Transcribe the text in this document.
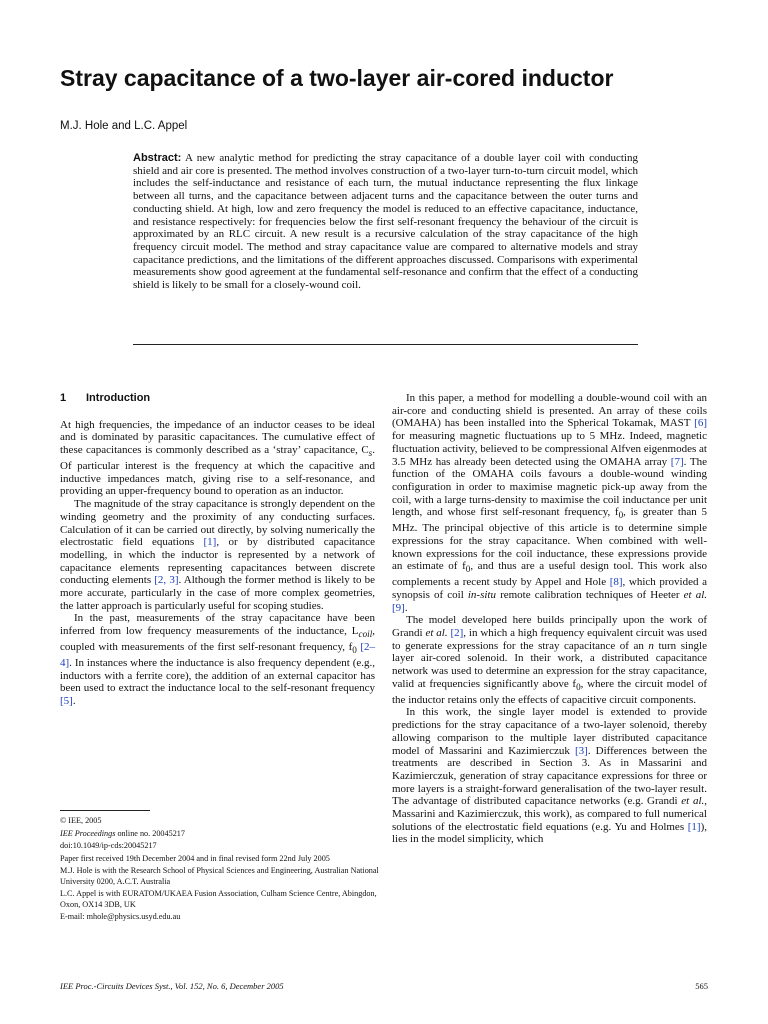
Stray capacitance of a two-layer air-cored inductor
M.J. Hole and L.C. Appel

Abstract: A new analytic method for predicting the stray capacitance of a double layer coil with conducting shield and air core is presented. The method involves construction of a two-layer turn-to-turn circuit model, which includes the self-inductance and resistance of each turn, the mutual inductance representing the flux linkage between all turns, and the capacitance between adjacent turns and the capacitance between the outer turns and conducting shield. At high, low and zero frequency the model is reduced to an effective capacitance, inductance, and resistance respectively: for frequencies below the first self-resonant frequency the behaviour of the circuit is approximated by an RLC circuit. A new result is a recursive calculation of the stray capacitance of the high frequency circuit model. The method and stray capacitance value are compared to alternative models and stray capacitance predictions, and the limitations of the different approaches discussed. Comparisons with experimental measurements show good agreement at the fundamental self-resonance and confirm that the effect of a conducting shield is likely to be small for a closely-wound coil.

1 Introduction

At high frequencies, the impedance of an inductor ceases to be ideal and is dominated by parasitic capacitances. The cumulative effect of these capacitances is commonly described as a ‘stray’ capacitance, $C_s$. Of particular interest is the frequency at which the capacitive and inductive impedances match, giving rise to a self-resonance, and providing an upper-frequency bound to operation as an inductor.

The magnitude of the stray capacitance is strongly dependent on the winding geometry and the proximity of any conducting surfaces. Calculation of it can be carried out directly, by solving numerically the electrostatic field equations [1], or by distributed capacitance modelling, in which the inductor is represented by a network of capacitance elements representing capacitances between discrete conducting elements [2, 3]. Although the former method is likely to be more accurate, particularly in the case of more complex geometries, the latter approach is particularly useful for scoping studies.

In the past, measurements of the stray capacitance have been inferred from low frequency measurements of the inductance, $L_{coil}$, coupled with measurements of the first self-resonant frequency, $f_0$ [2–4]. In instances where the inductance is also frequency dependent (e.g., inductors with a ferrite core), the addition of an external capacitor has been used to extract the inductance local to the self-resonant frequency [5].

In this paper, a method for modelling a double-wound coil with an air-core and conducting shield is presented. An array of these coils (OMAHA) has been installed into the Spherical Tokamak, MAST [6] for measuring magnetic fluctuations up to 5 MHz. Indeed, magnetic fluctuation activity, believed to be compressional Alfven eigenmodes at 3.5 MHz has already been detected using the OMAHA array [7]. The function of the OMAHA coils favours a double-wound winding configuration in order to maximise magnetic pick-up away from the coil, with a large turns-density to maximise the coil inductance per unit length, and whose first self-resonant frequency, $f_0$, is greater than 5 MHz. The principal objective of this article is to determine simple expressions for the stray capacitance. When combined with well-known expressions for the coil inductance, these expressions provide an estimate of $f_0$, and thus are a useful design tool. This work also complements a recent study by Appel and Hole [8], which provided a synopsis of coil in-situ remote calibration techniques of Heeter et al. [9].

The model developed here builds principally upon the work of Grandi et al. [2], in which a high frequency equivalent circuit was used to generate expressions for the stray capacitance of an n turn single layer air-cored solenoid. In their work, a distributed capacitance network was used to determine an expression for the stray capacitance, valid at frequencies significantly above $f_0$, where the circuit model of the inductor retains only the effects of capacitive circuit components.

In this work, the single layer model is extended to provide predictions for the stray capacitance of a two-layer solenoid, thereby allowing comparison to the multiple layer distributed capacitance model of Massarini and Kazimierczuk [3]. Differences between the treatments are described in Section 3. As in Massarini and Kazimierczuk, generation of stray capacitance expressions for three or more layers is a straight-forward generalisation of the two-layer result. The advantage of distributed capacitance networks (e.g. Grandi et al., Massarini and Kazimierczuk, this work), as compared to full numerical solutions of the electrostatic field equations (e.g. Yu and Holmes [1]), lies in the model simplicity, which

© IEE, 2005
IEE Proceedings online no. 20045217
doi:10.1049/ip-cds:20045217
Paper first received 19th December 2004 and in final revised form 22nd July 2005
M.J. Hole is with the Research School of Physical Sciences and Engineering, Australian National University 0200, A.C.T. Australia
L.C. Appel is with EURATOM/UKAEA Fusion Association, Culham Science Centre, Abingdon, Oxon, OX14 3DB, UK
E-mail: mhole@physics.usyd.edu.au
IEE Proc.-Circuits Devices Syst., Vol. 152, No. 6, December 2005	565
